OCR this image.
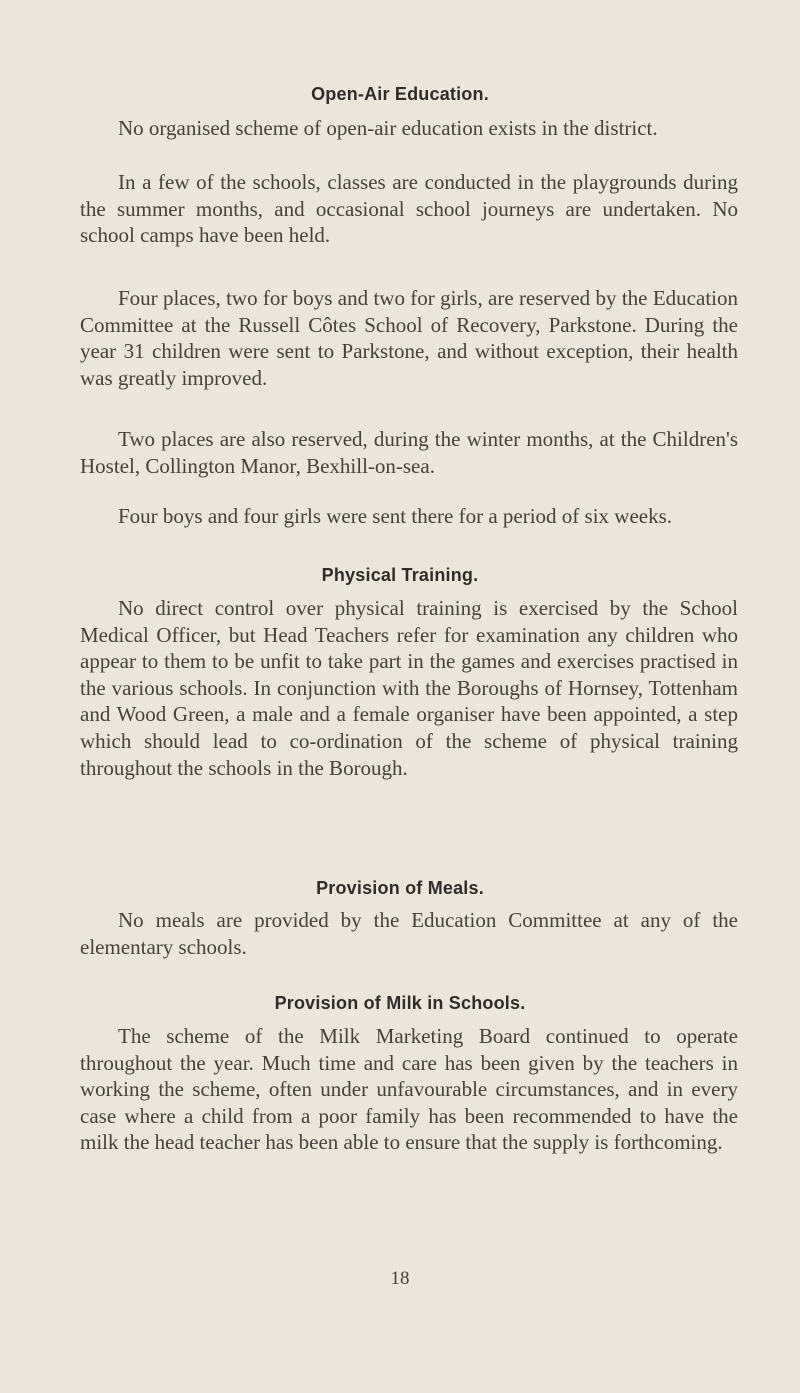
Open-Air Education.

No organised scheme of open-air education exists in the district.

In a few of the schools, classes are conducted in the playgrounds during the summer months, and occasional school journeys are undertaken. No school camps have been held.

Four places, two for boys and two for girls, are reserved by the Education Committee at the Russell Côtes School of Recovery, Parkstone. During the year 31 children were sent to Parkstone, and without exception, their health was greatly improved.

Two places are also reserved, during the winter months, at the Children's Hostel, Collington Manor, Bexhill-on-sea.

Four boys and four girls were sent there for a period of six weeks.

Physical Training.

No direct control over physical training is exercised by the School Medical Officer, but Head Teachers refer for examination any children who appear to them to be unfit to take part in the games and exercises practised in the various schools. In conjunction with the Boroughs of Hornsey, Tottenham and Wood Green, a male and a female organiser have been appointed, a step which should lead to co-ordination of the scheme of physical training throughout the schools in the Borough.

Provision of Meals.

No meals are provided by the Education Committee at any of the elementary schools.

Provision of Milk in Schools.

The scheme of the Milk Marketing Board continued to operate throughout the year. Much time and care has been given by the teachers in working the scheme, often under unfavourable circumstances, and in every case where a child from a poor family has been recommended to have the milk the head teacher has been able to ensure that the supply is forthcoming.

18
